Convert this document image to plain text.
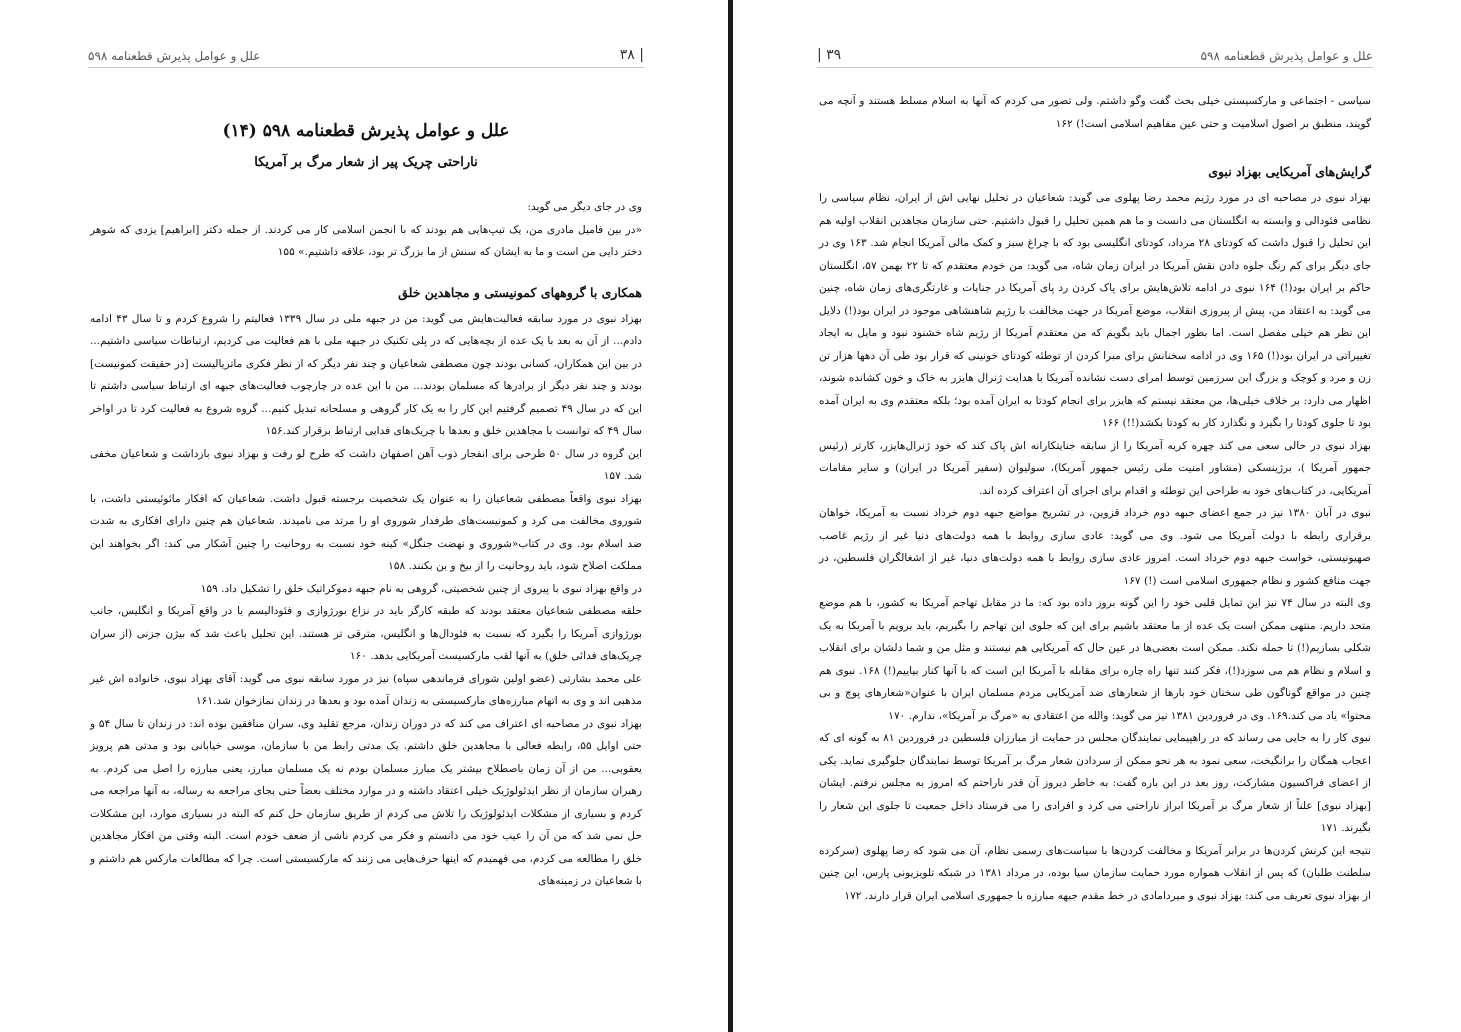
علل و عوامل پذیرش قطعنامه ۵۹۸	۳۸ |
علل و عوامل پذیرش قطعنامه ۵۹۸ (۱۴)
ناراحتی چریک پیر از شعار مرگ بر آمریکا

وی در جای دیگر می گوید:

«در بین فامیل مادری من، یک تیپ‌هایی هم بودند که با انجمن اسلامی کار می کردند. از جمله دکتر [ابراهیم] یزدی که شوهر دختر دایی من است و ما به ایشان که سنش از ما بزرگ تر بود، علاقه داشتیم.» ۱۵۵

همکاری با گروههای کمونیستی و مجاهدین خلق

بهزاد نبوی در مورد سابقه فعالیت‌هایش می گوید: من در جبهه ملی در سال ۱۳۳۹ فعالیتم را شروع کردم و تا سال ۴۳ ادامه دادم... از آن به بعد با یک عده از بچه‌هایی که در پلی تکنیک در جبهه ملی با هم فعالیت می کردیم، ارتباطات سیاسی داشتیم... در بین این همکاران، کسانی بودند چون مصطفی شعاعیان و چند نفر دیگر که از نظر فکری ماتریالیست [در حقیقت کمونیست] بودند و چند نفر دیگر از برادرها که مسلمان بودند... من با این عده در چارچوب فعالیت‌های جبهه ای ارتباط سیاسی داشتم تا این که در سال ۴۹ تصمیم گرفتیم این کار را به یک کار گروهی و مسلحانه تبدیل کنیم... گروه شروع به فعالیت کرد تا در اواخر سال ۴۹ که توانست با مجاهدین خلق و بعدها با چریک‌های فدایی ارتباط برقرار کند.۱۵۶

این گروه در سال ۵۰ طرحی برای انفجار ذوب آهن اصفهان داشت که طرح لو رفت و بهزاد نبوی بازداشت و شعاعیان مخفی شد. ۱۵۷

بهزاد نبوی واقعاً مصطفی شعاعیان را به عنوان یک شخصیت برجسته قبول داشت. شعاعیان که افکار مائوئیستی داشت، با شوروی مخالفت می کرد و کمونیست‌های طرفدار شوروی او را مرتد می نامیدند. شعاعیان هم چنین دارای افکاری به شدت ضد اسلام بود. وی در کتاب«شوروی و نهضت جنگل» کینه خود نسبت به روحانیت را چنین آشکار می کند: اگر بخواهند این مملکت اصلاح شود، باید روحانیت را از بیخ و بن بکنند. ۱۵۸

در واقع بهزاد نبوی با پیروی از چنین شخصیتی، گروهی به نام جبهه دموکراتیک خلق را تشکیل داد. ۱۵۹

حلقه مصطفی شعاعیان معتقد بودند که طبقه کارگر باید در نزاع بورژوازی و فئودالیسم یا در واقع آمریکا و انگلیس، جانب بورژوازی آمریکا را بگیرد که نسبت به فئودال‌ها و انگلیس، مترقی تر هستند. این تحلیل باعث شد که بیژن جزنی (از سران چریک‌های فدائی خلق) به آنها لقب مارکسیست آمریکایی بدهد. ۱۶۰

علی محمد بشارتی (عضو اولین شورای فرماندهی سپاه) نیز در مورد سابقه نبوی می گوید: آقای بهزاد نبوی، خانواده اش غیر مذهبی اند و وی به اتهام مبارزه‌های مارکسیستی به زندان آمده بود و بعدها در زندان نمازخوان شد.۱۶۱

بهزاد نبوی در مصاحبه ای اعتراف می کند که در دوران زندان، مرجع تقلید وی، سران منافقین بوده اند: در زندان تا سال ۵۴ و حتی اوایل ۵۵، رابطه فعالی با مجاهدین خلق داشتم. یک مدتی رابط من با سازمان، موسی خیابانی بود و مدتی هم پرویز یعقوبی... من از آن زمان باصطلاح بیشتر یک مبارز مسلمان بودم نه یک مسلمان مبارز، یعنی مبارزه را اصل می کردم. به رهبران سازمان از نظر ایدئولوژیک خیلی اعتقاد داشته و در موارد مختلف بعضاً حتی بجای مراجعه به رساله، به آنها مراجعه می کردم و بسیاری از مشکلات ایدئولوژیک را تلاش می کردم از طریق سازمان حل کنم که البته در بسیاری موارد، این مشکلات حل نمی شد که من آن را عیب خود می دانستم و فکر می کردم ناشی از ضعف خودم است. البته وقتی من افکار مجاهدین خلق را مطالعه می کردم، می فهمیدم که اینها حرف‌هایی می زنند که مارکسیستی است. چرا که مطالعات مارکس هم داشتم و با شعاعیان در زمینه‌های

| ۳۹	علل و عوامل پذیرش قطعنامه ۵۹۸

سیاسی - اجتماعی و مارکسیستی خیلی بحث گفت وگو داشتم. ولی تصور می کردم که آنها به اسلام مسلط هستند و آنچه می گویند، منطبق بر اصول اسلامیت و حتی عین مفاهیم اسلامی است!) ۱۶۲

گرایش‌های آمریکایی بهزاد نبوی

بهزاد نبوی در مصاحبه ای در مورد رژیم محمد رضا پهلوی می گوید: شعاعیان در تحلیل نهایی اش از ایران، نظام سیاسی را نظامی فئودالی و وابسته به انگلستان می دانست و ما هم همین تحلیل را قبول داشتیم. حتی سازمان مجاهدین انقلاب اولیه هم این تحلیل را قبول داشت که کودتای ۲۸ مرداد، کودتای انگلیسی بود که با چراغ سبز و کمک مالی آمریکا انجام شد. ۱۶۳ وی در جای دیگر برای کم رنگ جلوه دادن نقش آمریکا در ایران زمان شاه، می گوید: من خودم معتقدم که تا ۲۲ بهمن ۵۷، انگلستان حاکم بر ایران بود(!) ۱۶۴ نبوی در ادامه تلاش‌هایش برای پاک کردن رد پای آمریکا در جنایات و غارتگری‌های زمان شاه، چنین می گوید: به اعتقاد من، پیش از پیروزی انقلاب، موضع آمریکا در جهت مخالفت با رژیم شاهنشاهی موجود در ایران بود(!) دلایل این نظر هم خیلی مفصل است. اما بطور اجمال باید بگویم که من معتقدم آمریکا از رژیم شاه خشنود نبود و مایل به ایجاد تغییراتی در ایران بود(!) ۱۶۵ وی در ادامه سخنانش برای مبرا کردن از توطئه کودتای خونینی که قرار بود طی آن دهها هزار تن زن و مرد و کوچک و بزرگ این سرزمین توسط امرای دست نشانده آمریکا با هدایت ژنرال هایزر به خاک و خون کشانده شوند، اظهار می دارد: بر خلاف خیلی‌ها، من معتقد نیستم که هایزر برای انجام کودتا به ایران آمده بود؛ بلکه معتقدم وی به ایران آمده بود تا جلوی کودتا را بگیرد و نگذارد کار به کودتا بکشد(!!) ۱۶۶

بهزاد نبوی در حالی سعی می کند چهره کریه آمریکا را از سابقه جنایتکارانه اش پاک کند که خود ژنرال‌هایزر، کارتر (رئیس جمهور آمریکا )، برژینسکی (مشاور امنیت ملی رئیس جمهور آمریکا)، سولیوان (سفیر آمریکا در ایران) و سایر مقامات آمریکایی، در کتاب‌های خود به طراحی این توطئه و اقدام برای اجرای آن اعتراف کرده اند.

نبوی در آبان ۱۳۸۰ نیز در جمع اعضای جبهه دوم خرداد قزوین، در تشریح مواضع جبهه دوم خرداد نسبت به آمریکا، خواهان برقراری رابطه با دولت آمریکا می شود. وی می گوید: عادی سازی روابط با همه دولت‌های دنیا غیر از رژیم غاصب صهیونیستی، خواست جبهه دوم خرداد است. امروز عادی سازی روابط با همه دولت‌های دنیا، غیر از اشغالگران فلسطین، در جهت منافع کشور و نظام جمهوری اسلامی است (!) ۱۶۷

وی البته در سال ۷۴ نیز این تمایل قلبی خود را این گونه بروز داده بود که: ما در مقابل تهاجم آمریکا به کشور، با هم موضع متحد داریم. منتهی ممکن است یک عده از ما معتقد باشیم برای این که جلوی این تهاجم را بگیریم، باید برویم با آمریکا به یک شکلی بسازیم(!) تا حمله نکند. ممکن است بعضی‌ها در عین حال که آمریکایی هم نیستند و مثل من و شما دلشان برای انقلاب و اسلام و نظام هم می سوزد(!)، فکر کنند تنها راه چاره برای مقابله با آمریکا این است که با آنها کنار بیاییم(!) ۱۶۸. نبوی هم چنین در مواقع گوناگون طی سخنان خود بارها از شعارهای ضد آمریکایی مردم مسلمان ایران با عنوان«شعارهای پوچ و بی محتوا» یاد می کند.۱۶۹. وی در فروردین ۱۳۸۱ نیز می گوید: والله من اعتقادی به «مرگ بر آمریکا»، ندارم. ۱۷۰

نبوی کار را به جایی می رساند که در راهپیمایی نمایندگان مجلس در حمایت از مبارزان فلسطین در فروردین ۸۱ به گونه ای که اعجاب همگان را برانگیخت، سعی نمود به هر نحو ممکن از سردادن شعار مرگ بر آمریکا توسط نمایندگان جلوگیری نماید. یکی از اعضای فراکسیون مشارکت، روز بعد در این باره گفت: به خاطر دیروز آن قدر ناراحتم که امروز به مجلس نرفتم. ایشان [بهزاد نبوی] علناً از شعار مرگ بر آمریکا ابراز ناراحتی می کرد و افرادی را می فرستاد داخل جمعیت تا جلوی این شعار را بگیرند. ۱۷۱

نتیجه این کرنش کردن‌ها در برابر آمریکا و مخالفت کردن‌ها با سیاست‌های رسمی نظام، آن می شود که رضا پهلوی (سرکرده سلطنت طلبان) که پس از انقلاب همواره مورد حمایت سازمان سیا بوده، در مرداد ۱۳۸۱ در شبکه تلویزیونی پارس، این چنین از بهزاد نبوی تعریف می کند: بهزاد نبوی و میردامادی در خط مقدم جبهه مبارزه با جمهوری اسلامی ایران قرار دارند. ۱۷۲
